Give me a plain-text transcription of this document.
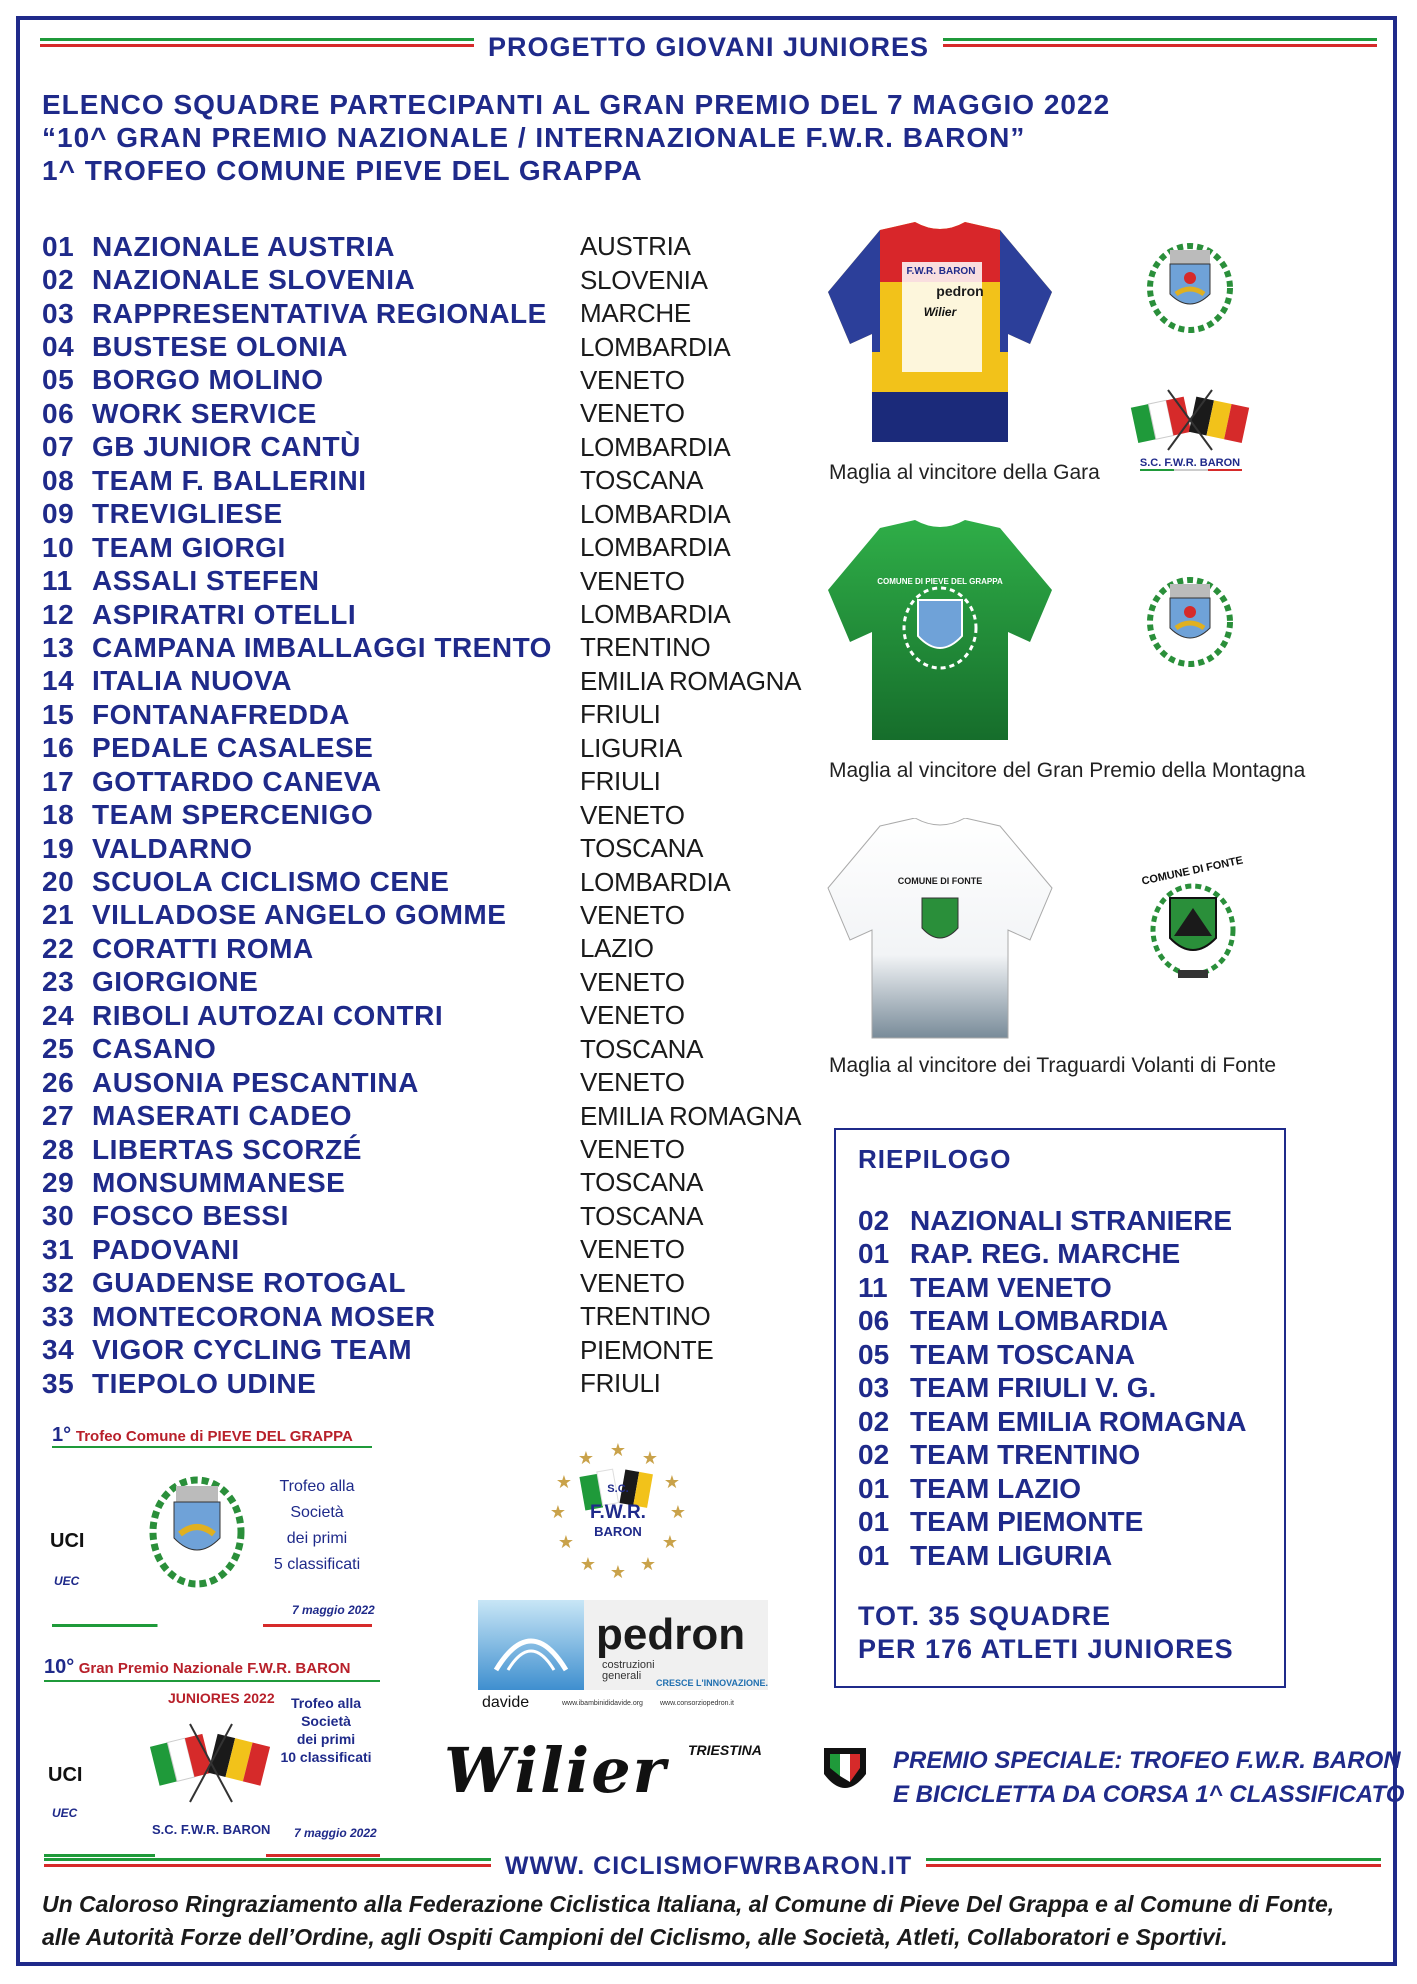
PROGETTO GIOVANI JUNIORES
ELENCO SQUADRE PARTECIPANTI AL GRAN PREMIO DEL 7 MAGGIO 2022
“10^ GRAN PREMIO NAZIONALE / INTERNAZIONALE F.W.R. BARON”
1^ TROFEO COMUNE PIEVE DEL GRAPPA
01 NAZIONALE AUSTRIA	AUSTRIA
02 NAZIONALE SLOVENIA	SLOVENIA
03 RAPPRESENTATIVA REGIONALE	MARCHE
04 BUSTESE OLONIA	LOMBARDIA
05 BORGO MOLINO	VENETO
06 WORK SERVICE	VENETO
07 GB JUNIOR CANTÙ	LOMBARDIA
08 TEAM F. BALLERINI	TOSCANA
09 TREVIGLIESE	LOMBARDIA
10 TEAM GIORGI	LOMBARDIA
11 ASSALI STEFEN	VENETO
12 ASPIRATRI OTELLI	LOMBARDIA
13 CAMPANA IMBALLAGGI TRENTO	TRENTINO
14 ITALIA NUOVA	EMILIA ROMAGNA
15 FONTANAFREDDA	FRIULI
16 PEDALE CASALESE	LIGURIA
17 GOTTARDO CANEVA	FRIULI
18 TEAM SPERCENIGO	VENETO
19 VALDARNO	TOSCANA
20 SCUOLA CICLISMO CENE	LOMBARDIA
21 VILLADOSE ANGELO GOMME	VENETO
22 CORATTI ROMA	LAZIO
23 GIORGIONE	VENETO
24 RIBOLI AUTOZAI CONTRI	VENETO
25 CASANO	TOSCANA
26 AUSONIA PESCANTINA	VENETO
27 MASERATI CADEO	EMILIA ROMAGNA
28 LIBERTAS SCORZÉ	VENETO
29 MONSUMMANESE	TOSCANA
30 FOSCO BESSI	TOSCANA
31 PADOVANI	VENETO
32 GUADENSE ROTOGAL	VENETO
33 MONTECORONA MOSER	TRENTINO
34 VIGOR CYCLING TEAM	PIEMONTE
35 TIEPOLO UDINE	FRIULI
F.W.R. BARON
pedron
Wilier
Maglia al vincitore della Gara	S.C. F.W.R. BARON
COMUNE DI PIEVE DEL GRAPPA
Maglia al vincitore del Gran Premio della Montagna
COMUNE DI FONTE
Maglia al vincitore dei Traguardi Volanti di Fonte
COMUNE DI FONTE
RIEPILOGO
02 NAZIONALI STRANIERE
01 RAP. REG. MARCHE
11 TEAM VENETO
06 TEAM LOMBARDIA
05 TEAM TOSCANA
03 TEAM FRIULI V. G.
02 TEAM EMILIA ROMAGNA
02 TEAM TRENTINO
01 TEAM LAZIO
01 TEAM PIEMONTE
01 TEAM LIGURIA
TOT. 35 SQUADRE
PER 176 ATLETI JUNIORES
1° Trofeo Comune di PIEVE DEL GRAPPA
UCI
UEC
Trofeo alla
Società
dei primi
5 classificati
7 maggio 2022
10° Gran Premio Nazionale F.W.R. BARON
JUNIORES 2022
UCI
UEC
S.C. F.W.R. BARON
Trofeo alla
Società
dei primi
10 classificati
7 maggio 2022
★ ★
★
★
★
★
★
★
★
★
★
★
S.C.
F.W.R.
BARON
pedron
costruzioni
generali
CRESCE L'INNOVAZIONE.
davide	www.ibambinididavide.org www.consorziopedron.it
Wilier TRIESTINA	PREMIO SPECIALE: TROFEO F.W.R. BARON
E BICICLETTA DA CORSA 1^ CLASSIFICATO
WWW. CICLISMOFWRBARON.IT
Un Caloroso Ringraziamento alla Federazione Ciclistica Italiana, al Comune di Pieve Del Grappa e al Comune di Fonte,
alle Autorità Forze dell’Ordine, agli Ospiti Campioni del Ciclismo, alle Società, Atleti, Collaboratori e Sportivi.
